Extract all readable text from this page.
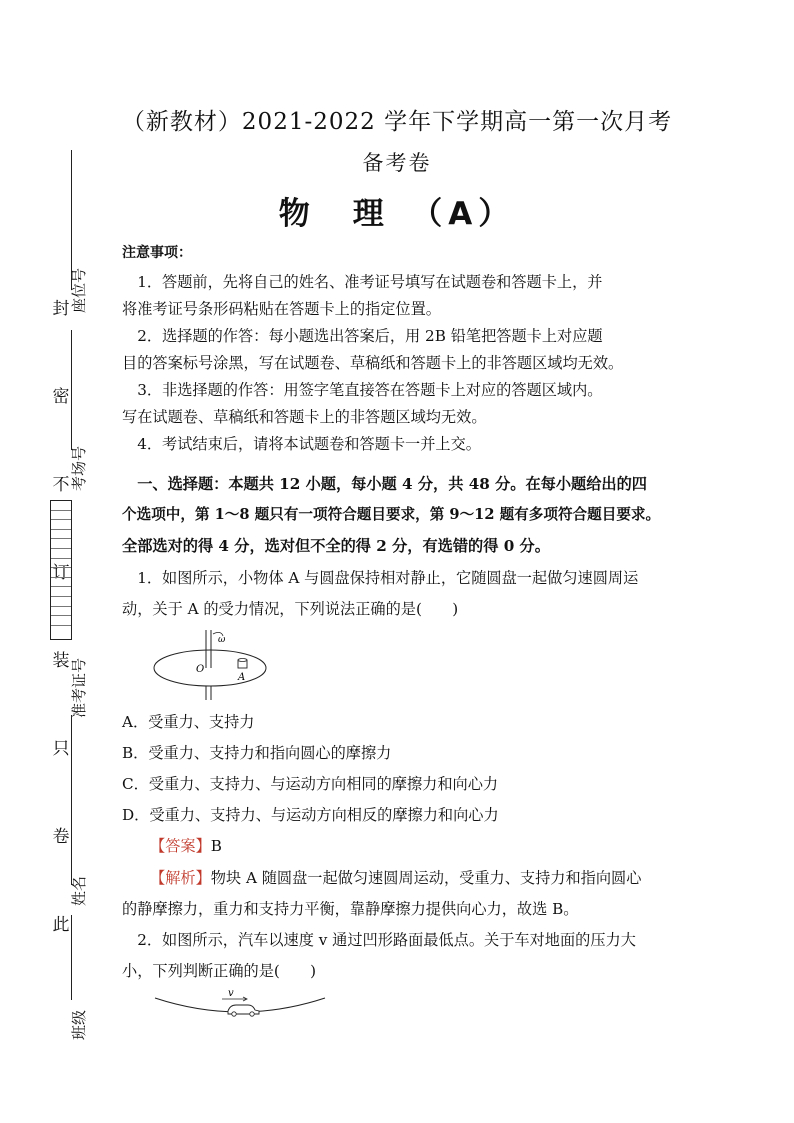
封
密
不
订
装
只
卷
此
座位号
考场号
准考证号
姓名
班级
（新教材）2021-2022 学年下学期高一第一次月考
备考卷
物　理　（A）
注意事项：
　1．答题前，先将自己的姓名、准考证号填写在试题卷和答题卡上，并
将准考证号条形码粘贴在答题卡上的指定位置。
　2．选择题的作答：每小题选出答案后，用 2B 铅笔把答题卡上对应题
目的答案标号涂黑，写在试题卷、草稿纸和答题卡上的非答题区域均无效。
　3．非选择题的作答：用签字笔直接答在答题卡上对应的答题区域内。
写在试题卷、草稿纸和答题卡上的非答题区域均无效。
　4．考试结束后，请将本试题卷和答题卡一并上交。
　一、选择题：本题共 12 小题，每小题 4 分，共 48 分。在每小题给出的四
个选项中，第 1～8 题只有一项符合题目要求，第 9～12 题有多项符合题目要求。
全部选对的得 4 分，选对但不全的得 2 分，有选错的得 0 分。
　1．如图所示，小物体 A 与圆盘保持相对静止，它随圆盘一起做匀速圆周运
动，关于 A 的受力情况，下列说法正确的是(　　)
ω
O
A
A．受重力、支持力
B．受重力、支持力和指向圆心的摩擦力
C．受重力、支持力、与运动方向相同的摩擦力和向心力
D．受重力、支持力、与运动方向相反的摩擦力和向心力
【答案】B
【解析】物块 A 随圆盘一起做匀速圆周运动，受重力、支持力和指向圆心
的静摩擦力，重力和支持力平衡，靠静摩擦力提供向心力，故选 B。
　2．如图所示，汽车以速度 v 通过凹形路面最低点。关于车对地面的压力大
小，下列判断正确的是(　　)
v
